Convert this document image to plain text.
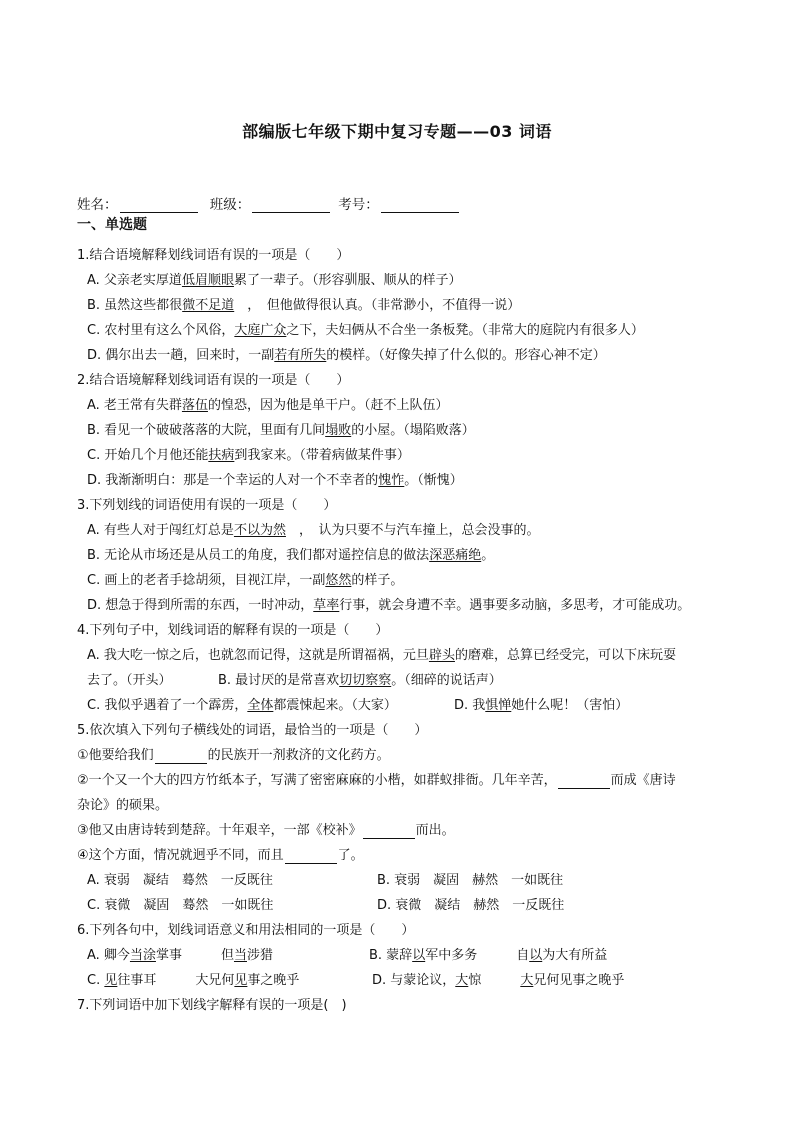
部编版七年级下期中复习专题——03 词语
姓名：	班级：	考号：
一、单选题
1.结合语境解释划线词语有误的一项是（　　）
A. 父亲老实厚道低眉顺眼累了一辈子。（形容驯服、顺从的样子）
B. 虽然这些都很微不足道　，　但他做得很认真。（非常渺小，不值得一说）
C. 农村里有这么个风俗，大庭广众之下，夫妇俩从不合坐一条板凳。（非常大的庭院内有很多人）
D. 偶尔出去一趟，回来时，一副若有所失的模样。（好像失掉了什么似的。形容心神不定）
2.结合语境解释划线词语有误的一项是（　　）
A. 老王常有失群落伍的惶恐，因为他是单干户。（赶不上队伍）
B. 看见一个破破落落的大院，里面有几间塌败的小屋。（塌陷败落）
C. 开始几个月他还能扶病到我家来。（带着病做某件事）
D. 我渐渐明白：那是一个幸运的人对一个不幸者的愧怍。（惭愧）
3.下列划线的词语使用有误的一项是（　　）
A. 有些人对于闯红灯总是不以为然　，　认为只要不与汽车撞上，总会没事的。
B. 无论从市场还是从员工的角度，我们都对遥控信息的做法深恶痛绝。
C. 画上的老者手捻胡须，目视江岸，一副悠然的样子。
D. 想急于得到所需的东西，一时冲动，草率行事，就会身遭不幸。遇事要多动脑，多思考，才可能成功。
4.下列句子中，划线词语的解释有误的一项是（　　）
A. 我大吃一惊之后，也就忽而记得，这就是所谓福祸，元旦辟头的磨难，总算已经受完，可以下床玩耍
去了。（开头）	B. 最讨厌的是常喜欢切切察察。（细碎的说话声）
C. 我似乎遇着了一个霹雳，全体都震悚起来。（大家）	D. 我惧惮她什么呢！（害怕）
5.依次填入下列句子横线处的词语，最恰当的一项是（　　）
①他要给我们	的民族开一剂救济的文化药方。
②一个又一个大的四方竹纸本子，写满了密密麻麻的小楷，如群蚁排衙。几年辛苦，	而成《唐诗
杂论》的硕果。
③他又由唐诗转到楚辞。十年艰辛，一部《校补》	而出。
④这个方面，情况就迥乎不同，而且	了。
A. 衰弱　凝结　蓦然　一反既往	B. 衰弱　凝固　赫然　一如既往
C. 衰微　凝固　蓦然　一如既往	D. 衰微　凝结　赫然　一反既往
6.下列各句中，划线词语意义和用法相同的一项是（　　）
A. 卿今当涂掌事　　　但当涉猎	B. 蒙辞以军中多务　　　自以为大有所益
C. 见往事耳　　　大兄何见事之晚乎	D. 与蒙论议，大惊　　　大兄何见事之晚乎
7.下列词语中加下划线字解释有误的一项是(　)
